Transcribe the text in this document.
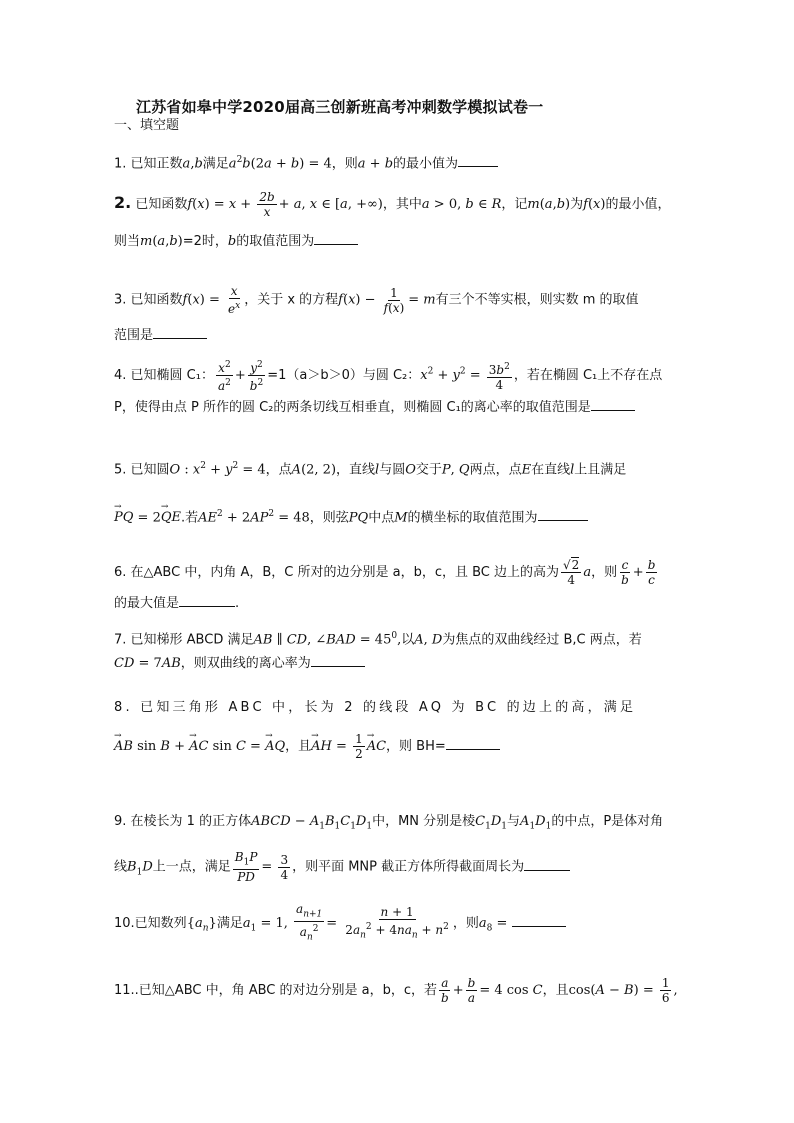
江苏省如皋中学2020届高三创新班高考冲刺数学模拟试卷一
一、填空题
1. 已知正数a,b满足$a^2b(2a + b) = 4$，则a + b的最小值为
2. 已知函数$f(x) = x + \frac{2b}{x} + a$, x ∈ [a, +∞)，其中a > 0, b ∈ R，记m(a,b)为f(x)的最小值，
则当m(a,b)=2时，b的取值范围为
3. 已知函数$f(x) = \frac{x}{e^x}$ ，关于 x 的方程$f(x) - \frac{1}{f(x)} = m$有三个不等实根，则实数 m 的取值
范围是
4. 已知椭圆 C₁： $\frac{x^2}{a^2} + \frac{y^2}{b^2} =1(a>b>0)$与圆 C₂：$x^2 + y^2 = \frac{3b^2}{4}$ ，若在椭圆 C₁上不存在点
P，使得由点 P 所作的圆 C₂的两条切线互相垂直，则椭圆 C₁的离心率的取值范围是
5. 已知圆O : $x^2 + y^2 = 4$，点A(2, 2)，直线l与圆O交于P, Q两点，点E在直线l上且满足
→ PQ = 2→ QE.若$AE^2 + 2AP^2 = 48$，则弦PQ中点M的横坐标的取值范围为
6. 在△ABC 中，内角 A，B，C 所对的边分别是 a，b，c，且 BC 边上的高为 $\frac{√2}{4}$ a，则 $\frac{c}{b} + \frac{b}{c}$
的最大值是	.
7. 已知梯形 ABCD 满足AB ∥ CD, ∠BAD = $45^0$,以A, D为焦点的双曲线经过 B,C 两点，若
CD = 7AB，则双曲线的离心率为
8. 已知三角形 ABC 中，长为 2 的线段 AQ 为 BC 的边上的高，满足
→ AB sin B + → AC sin C = → AQ，且→ AH = $\frac{1}{2}$
→ AC，则 BH=
9. 在棱长为 1 的正方体ABCD − $A_1B_1C_1D_1$中，MN 分别是棱$C_1D_1$与$A_1D_1$的中点，P是体对角
线$B_1D$上一点，满足 $\frac{B_1P}{PD} = \frac{3}{4}$ ，则平面 MNP 截正方体所得截面周长为
10.已知数列$\{a_n\}$满足$a_1 = 1$, $\frac{a_{n+1}}{a_n^2} = \frac{n + 1}{2a_n^2 + 4na_n + n^2}$ ，则$a_8$ =
11..已知△ABC 中，角 ABC 的对边分别是 a，b，c，若 $\frac{a}{b} + \frac{b}{a} = 4$ cos C，且$\cos(A - B) = \frac{1}{6}$ ,
